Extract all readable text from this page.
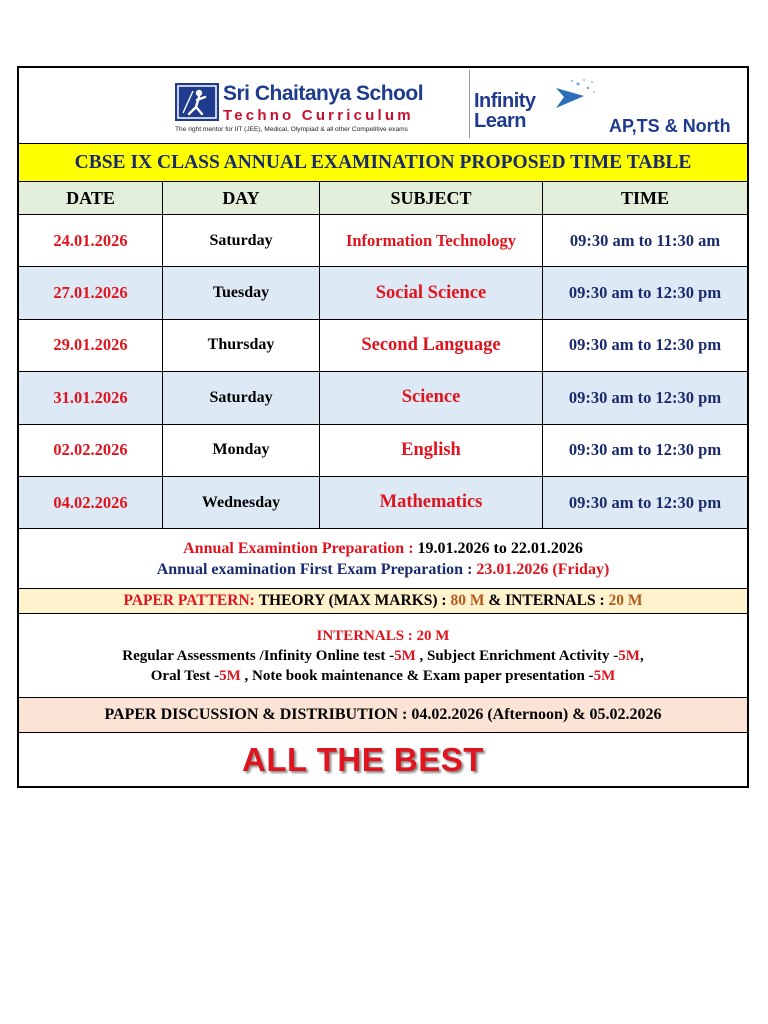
Sri Chaitanya School
Techno Curriculum
The right mentor for IIT (JEE), Medical, Olympiad & all other Competitive exams
Infinity
Learn	AP,TS & North
CBSE IX CLASS ANNUAL EXAMINATION PROPOSED TIME TABLE
DATE	DAY	SUBJECT	TIME
24.01.2026	Saturday	Information Technology	09:30 am to 11:30 am
27.01.2026	Tuesday	Social Science	09:30 am to 12:30 pm
29.01.2026	Thursday	Second Language	09:30 am to 12:30 pm
31.01.2026	Saturday	Science	09:30 am to 12:30 pm
02.02.2026	Monday	English	09:30 am to 12:30 pm
04.02.2026	Wednesday	Mathematics	09:30 am to 12:30 pm
Annual Examintion Preparation : 19.01.2026 to 22.01.2026
Annual examination First Exam Preparation : 23.01.2026 (Friday)
PAPER PATTERN:
THEORY (MAX MARKS) :
80 M
& INTERNALS :
20 M
INTERNALS : 20 M
Regular Assessments /Infinity Online test -5M , Subject Enrichment Activity -5M,
Oral Test -5M , Note book maintenance & Exam paper presentation -5M
PAPER DISCUSSION & DISTRIBUTION : 04.02.2026 (Afternoon) & 05.02.2026
ALL THE BEST
